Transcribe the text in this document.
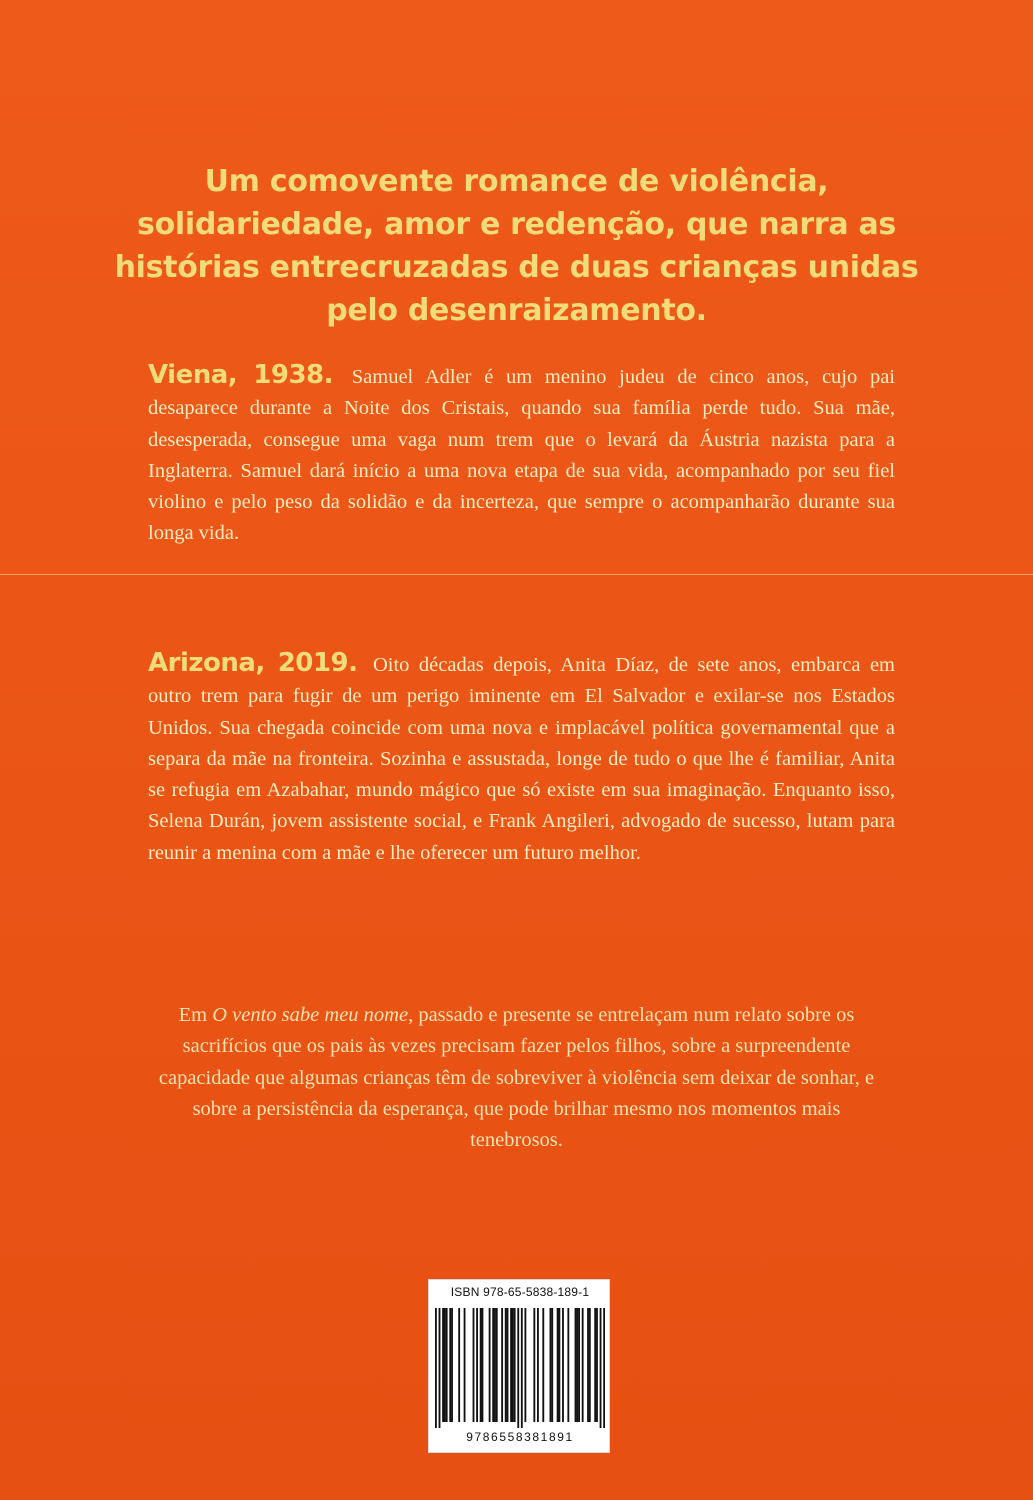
Um comovente romance de violência, solidariedade, amor e redenção, que narra as histórias entrecruzadas de duas crianças unidas pelo desenraizamento.

Viena, 1938. Samuel Adler é um menino judeu de cinco anos, cujo pai desaparece durante a Noite dos Cristais, quando sua família perde tudo. Sua mãe, desesperada, consegue uma vaga num trem que o levará da Áustria nazista para a Inglaterra. Samuel dará início a uma nova etapa de sua vida, acompanhado por seu fiel violino e pelo peso da solidão e da incerteza, que sempre o acompanharão durante sua longa vida.

Arizona, 2019. Oito décadas depois, Anita Díaz, de sete anos, embarca em outro trem para fugir de um perigo iminente em El Salvador e exilar-se nos Estados Unidos. Sua chegada coincide com uma nova e implacável política governamental que a separa da mãe na fronteira. Sozinha e assustada, longe de tudo o que lhe é familiar, Anita se refugia em Azabahar, mundo mágico que só existe em sua imaginação. Enquanto isso, Selena Durán, jovem assistente social, e Frank Angileri, advogado de sucesso, lutam para reunir a menina com a mãe e lhe oferecer um futuro melhor.

Em O vento sabe meu nome, passado e presente se entrelaçam num relato sobre os sacrifícios que os pais às vezes precisam fazer pelos filhos, sobre a surpreendente capacidade que algumas crianças têm de sobreviver à violência sem deixar de sonhar, e sobre a persistência da esperança, que pode brilhar mesmo nos momentos mais tenebrosos.

ISBN 978-65-5838-189-1
9786558381891
